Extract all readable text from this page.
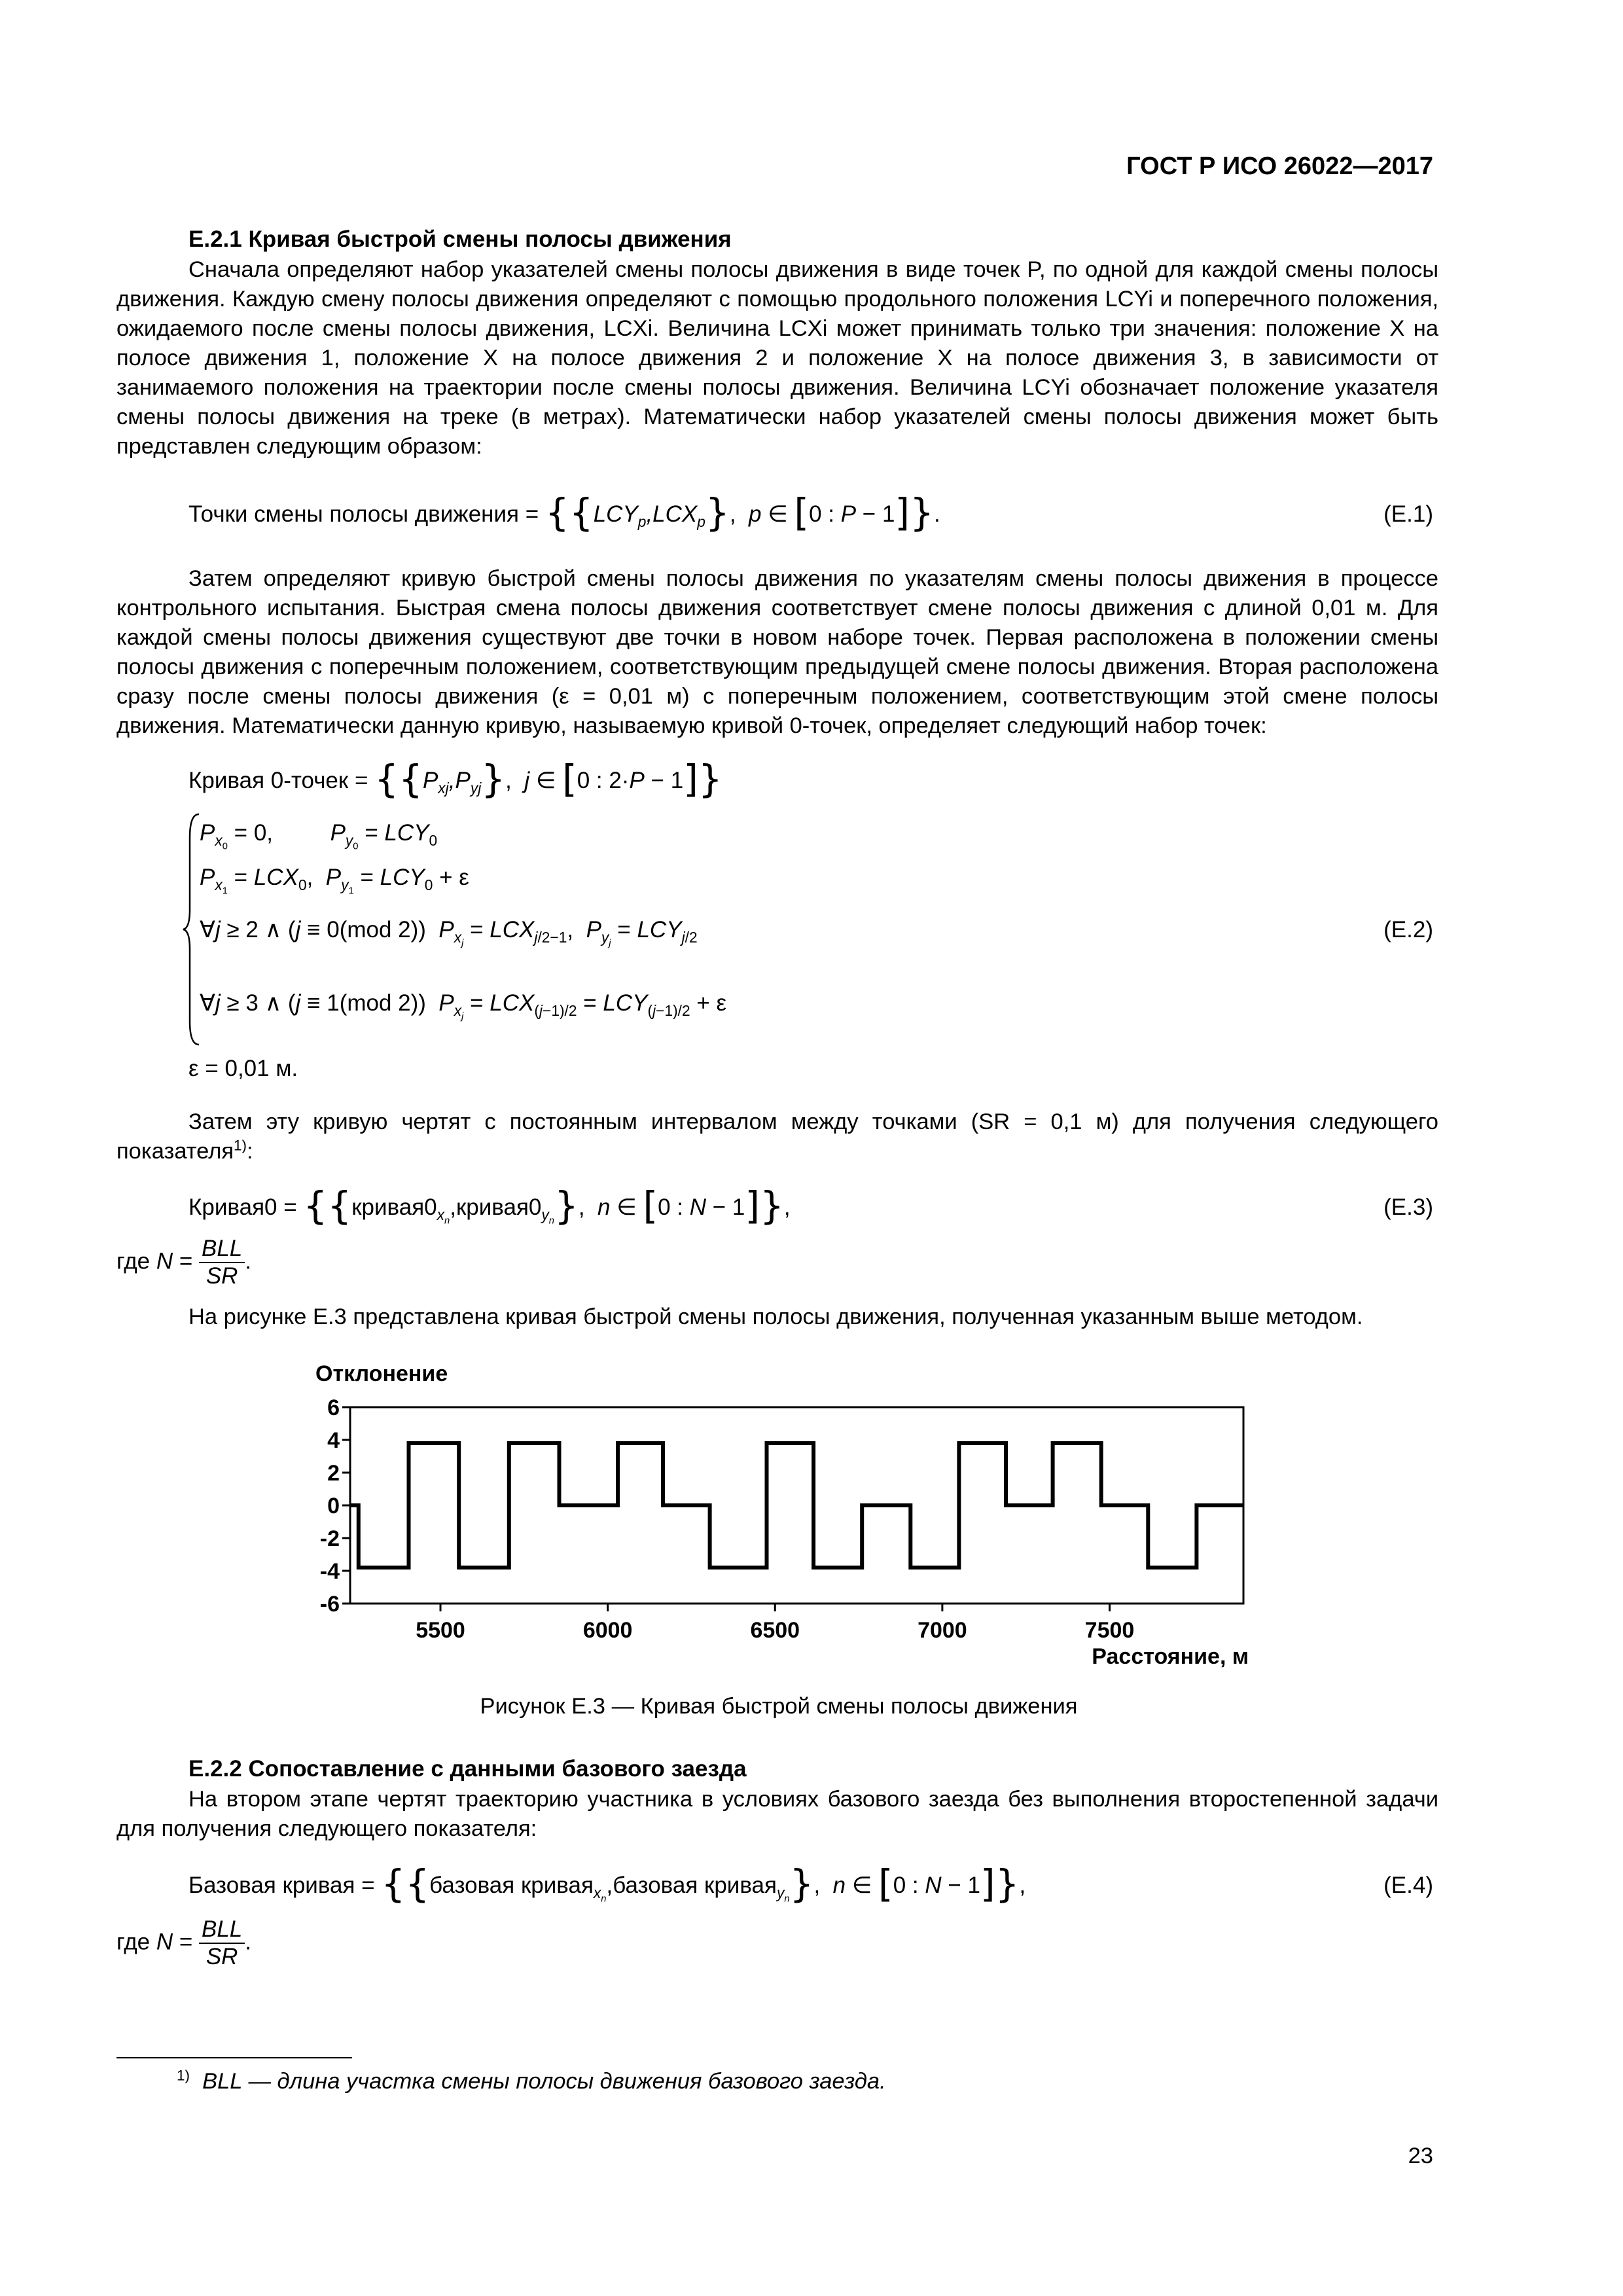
ГОСТ Р ИСО 26022—2017
Е.2.1 Кривая быстрой смены полосы движения
Сначала определяют набор указателей смены полосы движения в виде точек P, по одной для каждой смены полосы движения. Каждую смену полосы движения определяют с помощью продольного положения LCYi и поперечного положения, ожидаемого после смены полосы движения, LCXi. Величина LCXi может принимать только три значения: положение X на полосе движения 1, положение X на полосе движения 2 и положение X на полосе движения 3, в зависимости от занимаемого положения на траектории после смены полосы движения. Величина LCYi обозначает положение указателя смены полосы движения на треке (в метрах). Математически набор указателей смены полосы движения может быть представлен следующим образом:
Точки смены полосы движения = {$\{LCY_p,LCX_p\}$,  p ∈ [0 : P − 1]}.	(Е.1)
Затем определяют кривую быстрой смены полосы движения по указателям смены полосы движения в процессе контрольного испытания. Быстрая смена полосы движения соответствует смене полосы движения с длиной 0,01 м. Для каждой смены полосы движения существуют две точки в новом наборе точек. Первая расположена в положении смены полосы движения с поперечным положением, соответствующим предыдущей смене полосы движения. Вторая расположена сразу после смены полосы движения (ε = 0,01 м) с поперечным положением, соответствующим этой смене полосы движения. Математически данную кривую, называемую кривой 0-точек, определяет следующий набор точек:
Кривая 0-точек = {$\{P_{xj},P_{yj}\}$,  j ∈ [0 : 2·P − 1]}
$P_{x_0} = 0$,         $P_{y_0} = LCY_0$
$P_{x_1} = LCX_0$,  $P_{y_1} = LCY_0 + \varepsilon$
∀j ≥ 2 ∧ (j ≡ 0(mod 2))  $P_{x_j} = LCX_{j/2-1}$,  $P_{y_j} = LCY_{j/2}$	(Е.2)
∀j ≥ 3 ∧ (j ≡ 1(mod 2))  $P_{x_j} = LCX_{(j-1)/2} = LCY_{(j-1)/2} + \varepsilon$
ε = 0,01 м.
Затем эту кривую чертят с постоянным интервалом между точками (SR = 0,1 м) для получения следующего показателя$^{1)}$:
Кривая0 = {$\{кривая0_{x_n},кривая0_{y_n}\}$,  n ∈ [0 : N − 1]},	(Е.3)
где $N = \frac{\text{BLL}}{SR}$ .
На рисунке Е.3 представлена кривая быстрой смены полосы движения, полученная указанным выше методом.
Отклонение
Расстояние, м
6
4
2
0
-2
-4
-6
5500	6000	6500	7000	7500
Рисунок Е.3 — Кривая быстрой смены полосы движения
Е.2.2 Сопоставление с данными базового заезда
На втором этапе чертят траекторию участника в условиях базового заезда без выполнения второстепенной задачи для получения следующего показателя:
Базовая кривая = {{базовая кривая$_{x_n}$,базовая кривая$_{y_n}$},  n ∈ [0 : N − 1]},	(Е.4)
где $N = \frac{\text{BLL}}{SR}$ .
$^{1)}$ BLL — длина участка смены полосы движения базового заезда.
23
